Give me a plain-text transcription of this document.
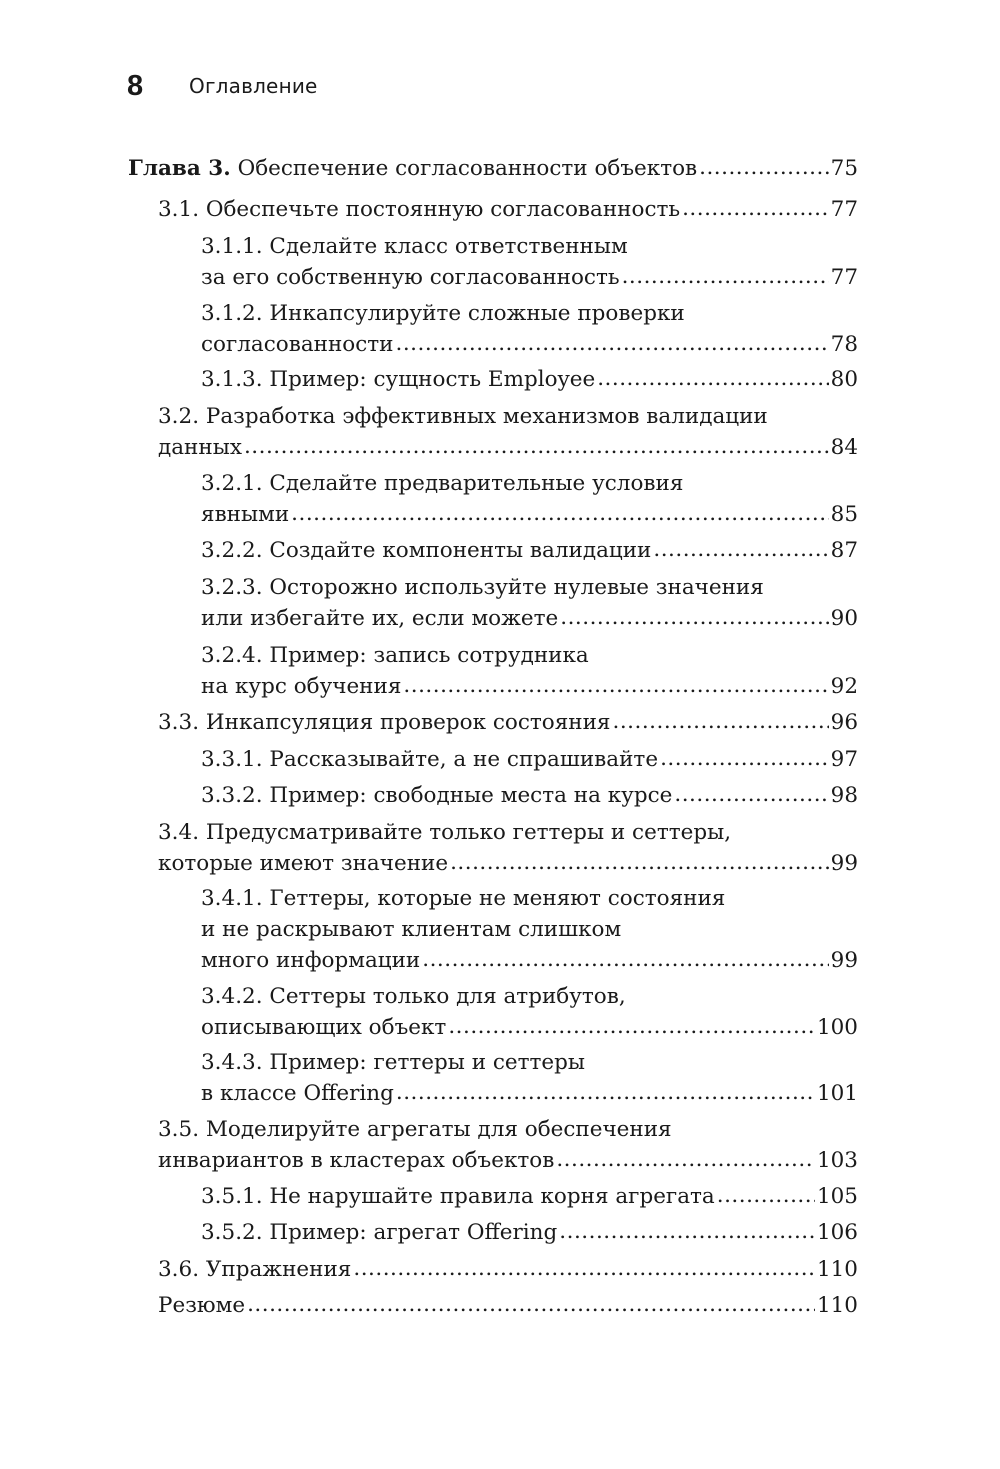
8	Оглавление
Глава 3. Обеспечение согласованности объектов .....	75
3.1. Обеспечьте постоянную согласованность .....	77
3.1.1. Сделайте класс ответственным
за его собственную согласованность .....	77
3.1.2. Инкапсулируйте сложные проверки
согласованности .....	78
3.1.3. Пример: сущность Employee .....	80
3.2. Разработка эффективных механизмов валидации
данных .....	84
3.2.1. Сделайте предварительные условия
явными .....	85
3.2.2. Создайте компоненты валидации .....	87
3.2.3. Осторожно используйте нулевые значения
или избегайте их, если можете .....	90
3.2.4. Пример: запись сотрудника
на курс обучения .....	92
3.3. Инкапсуляция проверок состояния .....	96
3.3.1. Рассказывайте, а не спрашивайте .....	97
3.3.2. Пример: свободные места на курсе .....	98
3.4. Предусматривайте только геттеры и сеттеры,
которые имеют значение .....	99
3.4.1. Геттеры, которые не меняют состояния
и не раскрывают клиентам слишком
много информации .....	99
3.4.2. Сеттеры только для атрибутов,
описывающих объект .....	100
3.4.3. Пример: геттеры и сеттеры
в классе Offering .....	101
3.5. Моделируйте агрегаты для обеспечения
инвариантов в кластерах объектов .....	103
3.5.1. Не нарушайте правила корня агрегата .....	105
3.5.2. Пример: агрегат Offering .....	106
3.6. Упражнения .....	110
Резюме .....	110
